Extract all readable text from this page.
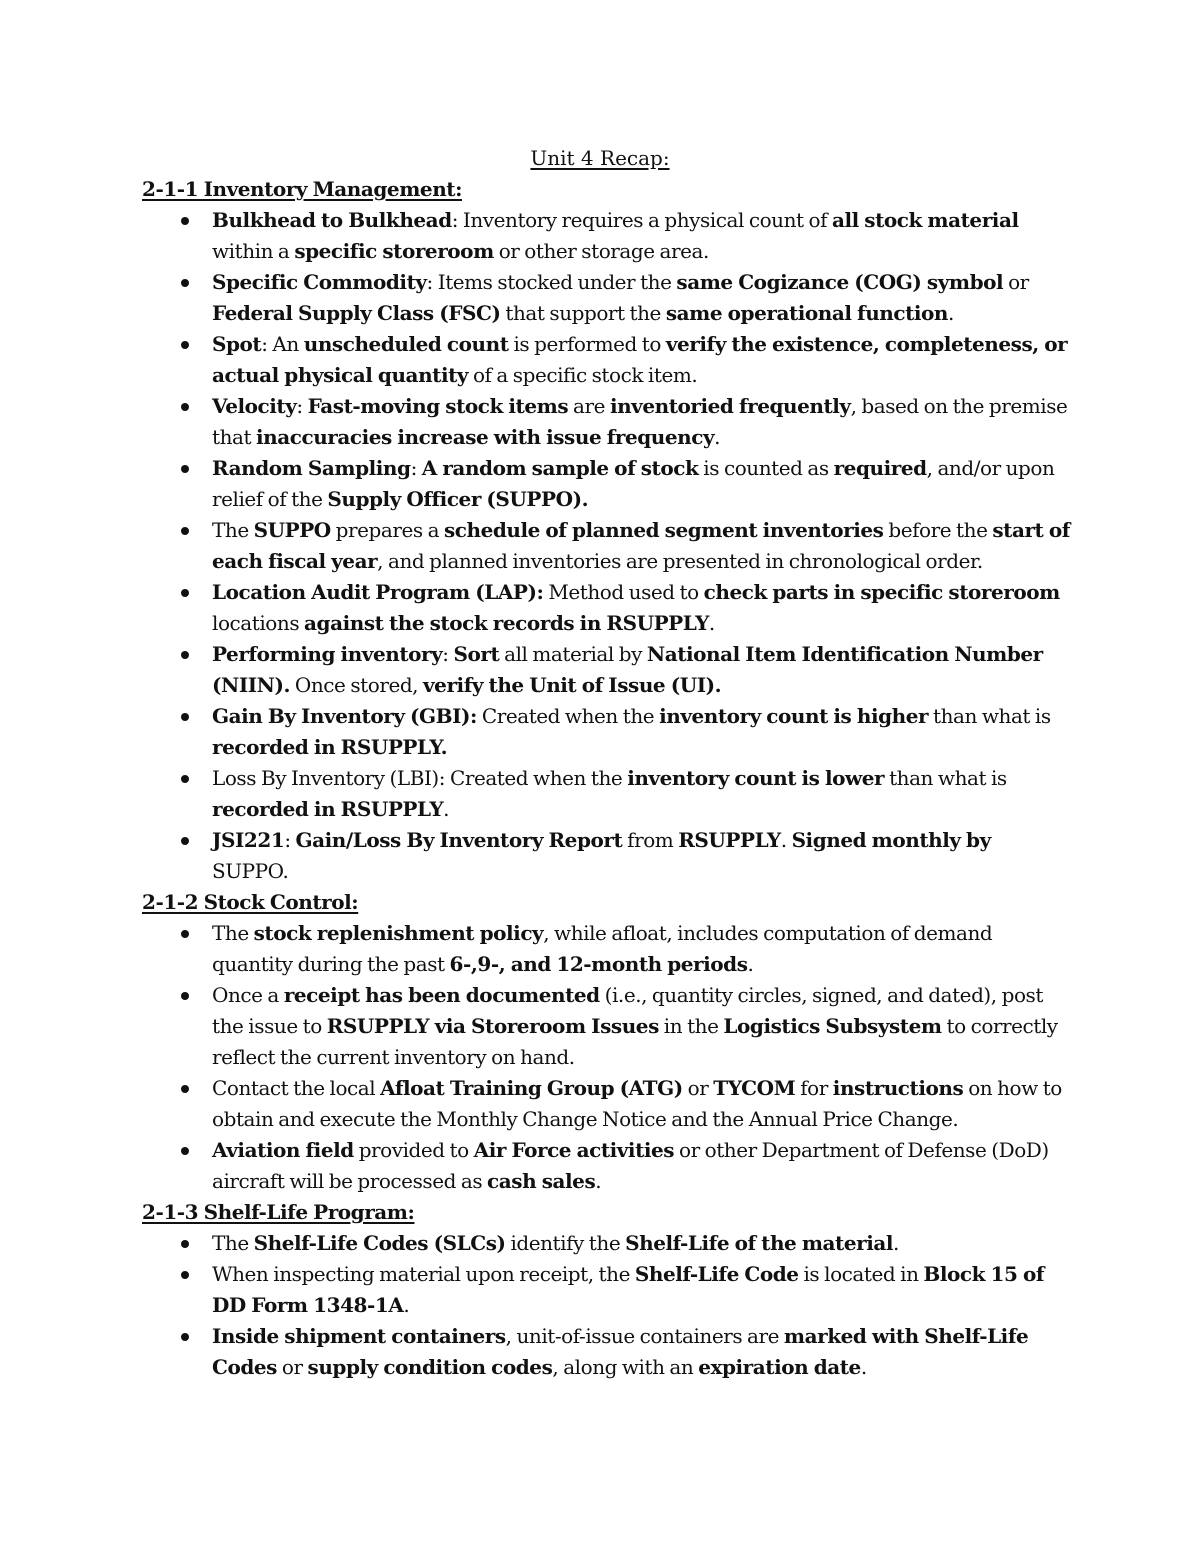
Unit 4 Recap:
2-1-1 Inventory Management:
Bulkhead to Bulkhead: Inventory requires a physical count of all stock material within a specific storeroom or other storage area.
Specific Commodity: Items stocked under the same Cogizance (COG) symbol or Federal Supply Class (FSC) that support the same operational function.
Spot: An unscheduled count is performed to verify the existence, completeness, or actual physical quantity of a specific stock item.
Velocity: Fast-moving stock items are inventoried frequently, based on the premise that inaccuracies increase with issue frequency.
Random Sampling: A random sample of stock is counted as required, and/or upon relief of the Supply Officer (SUPPO).
The SUPPO prepares a schedule of planned segment inventories before the start of each fiscal year, and planned inventories are presented in chronological order.
Location Audit Program (LAP): Method used to check parts in specific storeroom locations against the stock records in RSUPPLY.
Performing inventory: Sort all material by National Item Identification Number (NIIN). Once stored, verify the Unit of Issue (UI).
Gain By Inventory (GBI): Created when the inventory count is higher than what is recorded in RSUPPLY.
Loss By Inventory (LBI): Created when the inventory count is lower than what is recorded in RSUPPLY.
JSI221: Gain/Loss By Inventory Report from RSUPPLY. Signed monthly by SUPPO.
2-1-2 Stock Control:
The stock replenishment policy, while afloat, includes computation of demand quantity during the past 6-,9-, and 12-month periods.
Once a receipt has been documented (i.e., quantity circles, signed, and dated), post the issue to RSUPPLY via Storeroom Issues in the Logistics Subsystem to correctly reflect the current inventory on hand.
Contact the local Afloat Training Group (ATG) or TYCOM for instructions on how to obtain and execute the Monthly Change Notice and the Annual Price Change.
Aviation field provided to Air Force activities or other Department of Defense (DoD) aircraft will be processed as cash sales.
2-1-3 Shelf-Life Program:
The Shelf-Life Codes (SLCs) identify the Shelf-Life of the material.
When inspecting material upon receipt, the Shelf-Life Code is located in Block 15 of DD Form 1348-1A.
Inside shipment containers, unit-of-issue containers are marked with Shelf-Life Codes or supply condition codes, along with an expiration date.
